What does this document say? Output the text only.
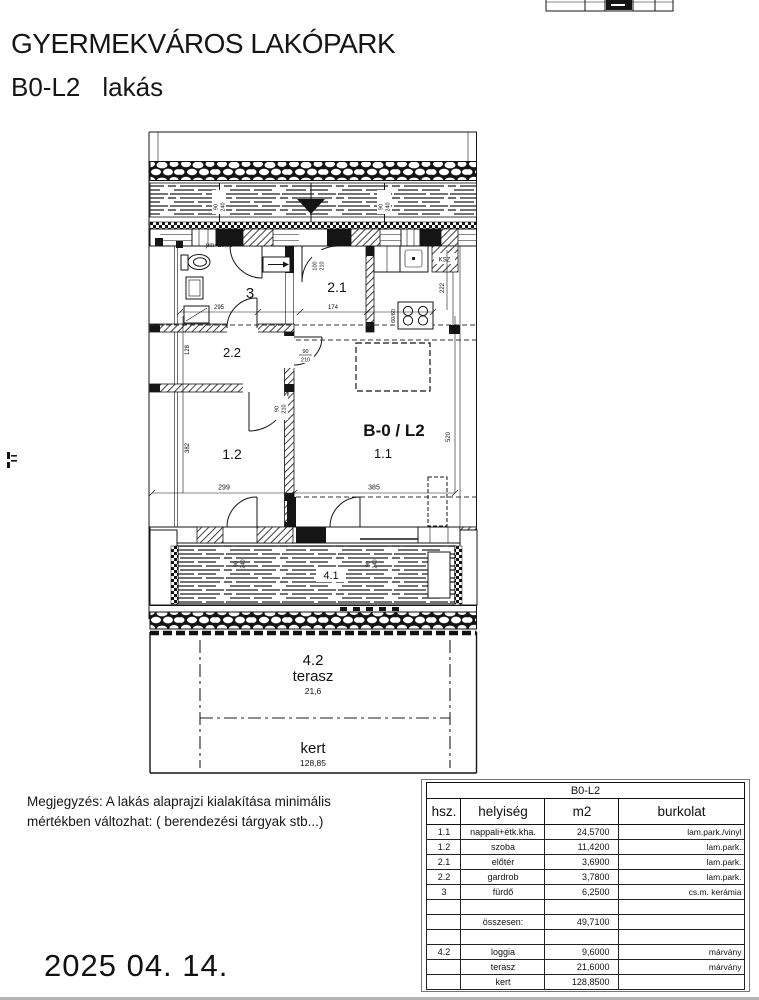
90 240	90 240
100 210
KSZ
60/60
pm=±0,00
3	2.1
295	174
222
2.2
128	90
210
90 210
1.2
382
B-0 / L2
1.1
520
299	385
90 240	90 240
4.1
4.2
terasz
21,6
kert
128,85
GYERMEKVÁROS LAKÓPARK
B0-L2 lakás
Megjegyzés: A lakás alaprajzi kialakítása minimális
mértékben változhat: ( berendezési tárgyak stb...)
B0-L2			
hsz.	helyiség	m2	burkolat
1.1	nappali+étk.kha.	24,5700	lam.park./vinyl
1.2	szoba	11,4200	lam.park.
2.1	előtér	3,6900	lam.park.
2.2	gardrob	3,7800	lam.park.
3	fürdő	6,2500	cs.m. kerámia

	összesen:	49,7100	

4.2	loggia	9,6000	márvány
	terasz	21,6000	márvány
	kert	128,8500	
2025 04. 14.
